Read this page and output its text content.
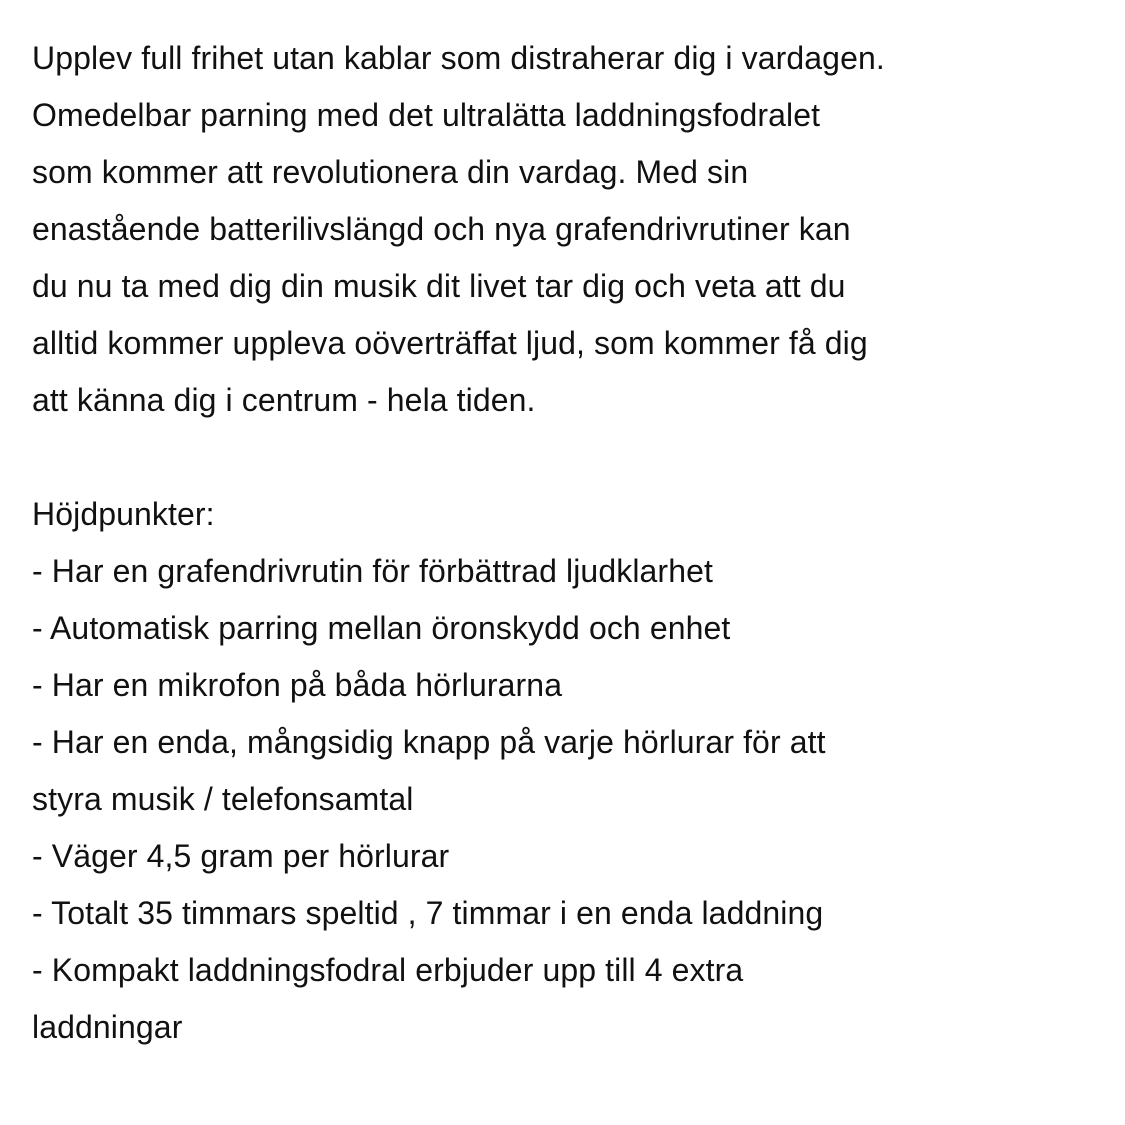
Upplev full frihet utan kablar som distraherar dig i vardagen.
Omedelbar parning med det ultralätta laddningsfodralet
som kommer att revolutionera din vardag. Med sin
enastående batterilivslängd och nya grafendrivrutiner kan
du nu ta med dig din musik dit livet tar dig och veta att du
alltid kommer uppleva oöverträffat ljud, som kommer få dig
att känna dig i centrum - hela tiden.
Höjdpunkter:
- Har en grafendrivrutin för förbättrad ljudklarhet
- Automatisk parring mellan öronskydd och enhet
- Har en mikrofon på båda hörlurarna
- Har en enda, mångsidig knapp på varje hörlurar för att
styra musik / telefonsamtal
- Väger 4,5 gram per hörlurar
- Totalt 35 timmars speltid , 7 timmar i en enda laddning
- Kompakt laddningsfodral erbjuder upp till 4 extra
laddningar
